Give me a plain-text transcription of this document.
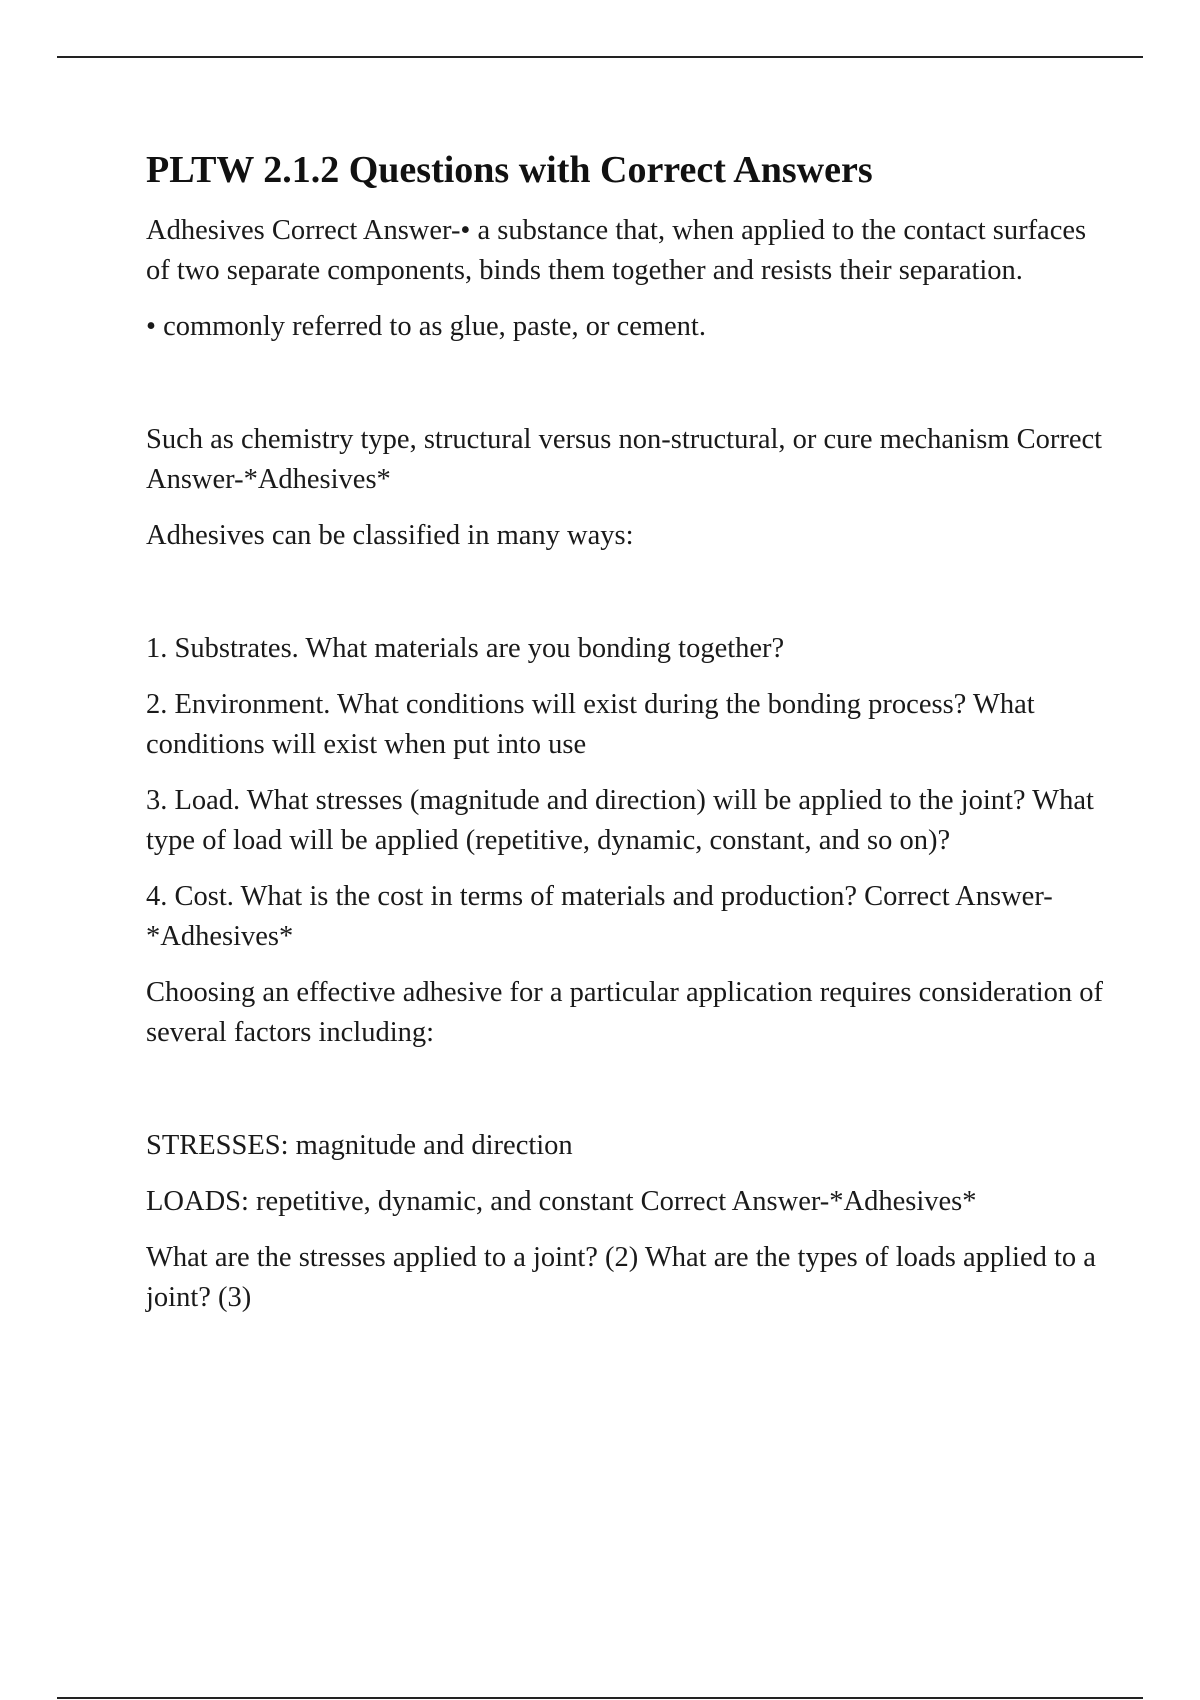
PLTW 2.1.2 Questions with Correct Answers

Adhesives Correct Answer-• a substance that, when applied to the contact surfaces of two separate components, binds them together and resists their separation.

• commonly referred to as glue, paste, or cement.

Such as chemistry type, structural versus non-structural, or cure mechanism Correct Answer-*Adhesives*

Adhesives can be classified in many ways:

1. Substrates. What materials are you bonding together?

2. Environment. What conditions will exist during the bonding process? What conditions will exist when put into use

3. Load. What stresses (magnitude and direction) will be applied to the joint? What type of load will be applied (repetitive, dynamic, constant, and so on)?

4. Cost. What is the cost in terms of materials and production? Correct Answer-*Adhesives*

Choosing an effective adhesive for a particular application requires consideration of several factors including:

STRESSES: magnitude and direction

LOADS: repetitive, dynamic, and constant Correct Answer-*Adhesives*

What are the stresses applied to a joint? (2) What are the types of loads applied to a joint? (3)
